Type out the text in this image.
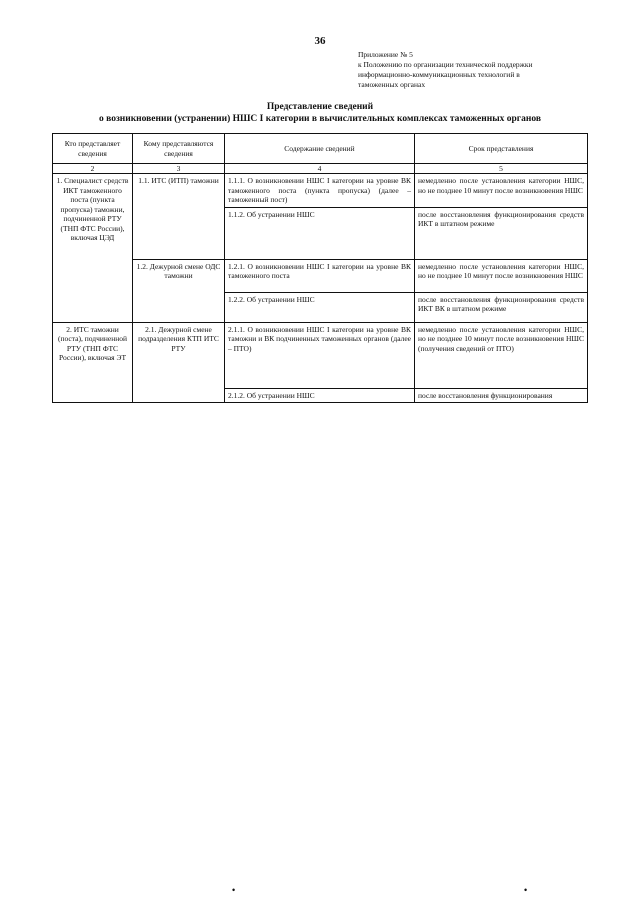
36
Приложение № 5
к Положению по организации технической поддержки
информационно-коммуникационных технологий в
таможенных органах
Представление сведений
о возникновении (устранении) НШС I категории в вычислительных комплексах таможенных органов
Кто представляет сведения	Кому представляются сведения	Содержание сведений	Срок представления
2	3	4	5
1. Специалист средств ИКТ таможенного поста (пункта пропуска) таможни, подчиненной РТУ (ТНП ФТС России), включая ЦЭД	1.1. ИТС (ИТП) таможни	1.1.1. О возникновении НШС I категории на уровне ВК таможенного поста (пункта пропуска) (далее – таможенный пост)	немедленно после установления категории НШС, но не позднее 10 минут после возникновения НШС
		1.1.2. Об устранении НШС	после восстановления функционирования средств ИКТ в штатном режиме
	1.2. Дежурной смене ОДС таможни	1.2.1. О возникновении НШС I категории на уровне ВК таможенного поста	немедленно после установления категории НШС, но не позднее 10 минут после возникновения НШС
		1.2.2. Об устранении НШС	после восстановления функционирования средств ИКТ ВК в штатном режиме
2. ИТС таможни (поста), подчиненной РТУ (ТНП ФТС России), включая ЭТ	2.1. Дежурной смене подразделения КТП ИТС РТУ	2.1.1. О возникновении НШС I категории на уровне ВК таможни и ВК подчиненных таможенных органов (далее – ПТО)	немедленно после установления категории НШС, но не позднее 10 минут после возникновения НШС (получения сведений от ПТО)
		2.1.2. Об устранении НШС	после восстановления функционирования
•	•
